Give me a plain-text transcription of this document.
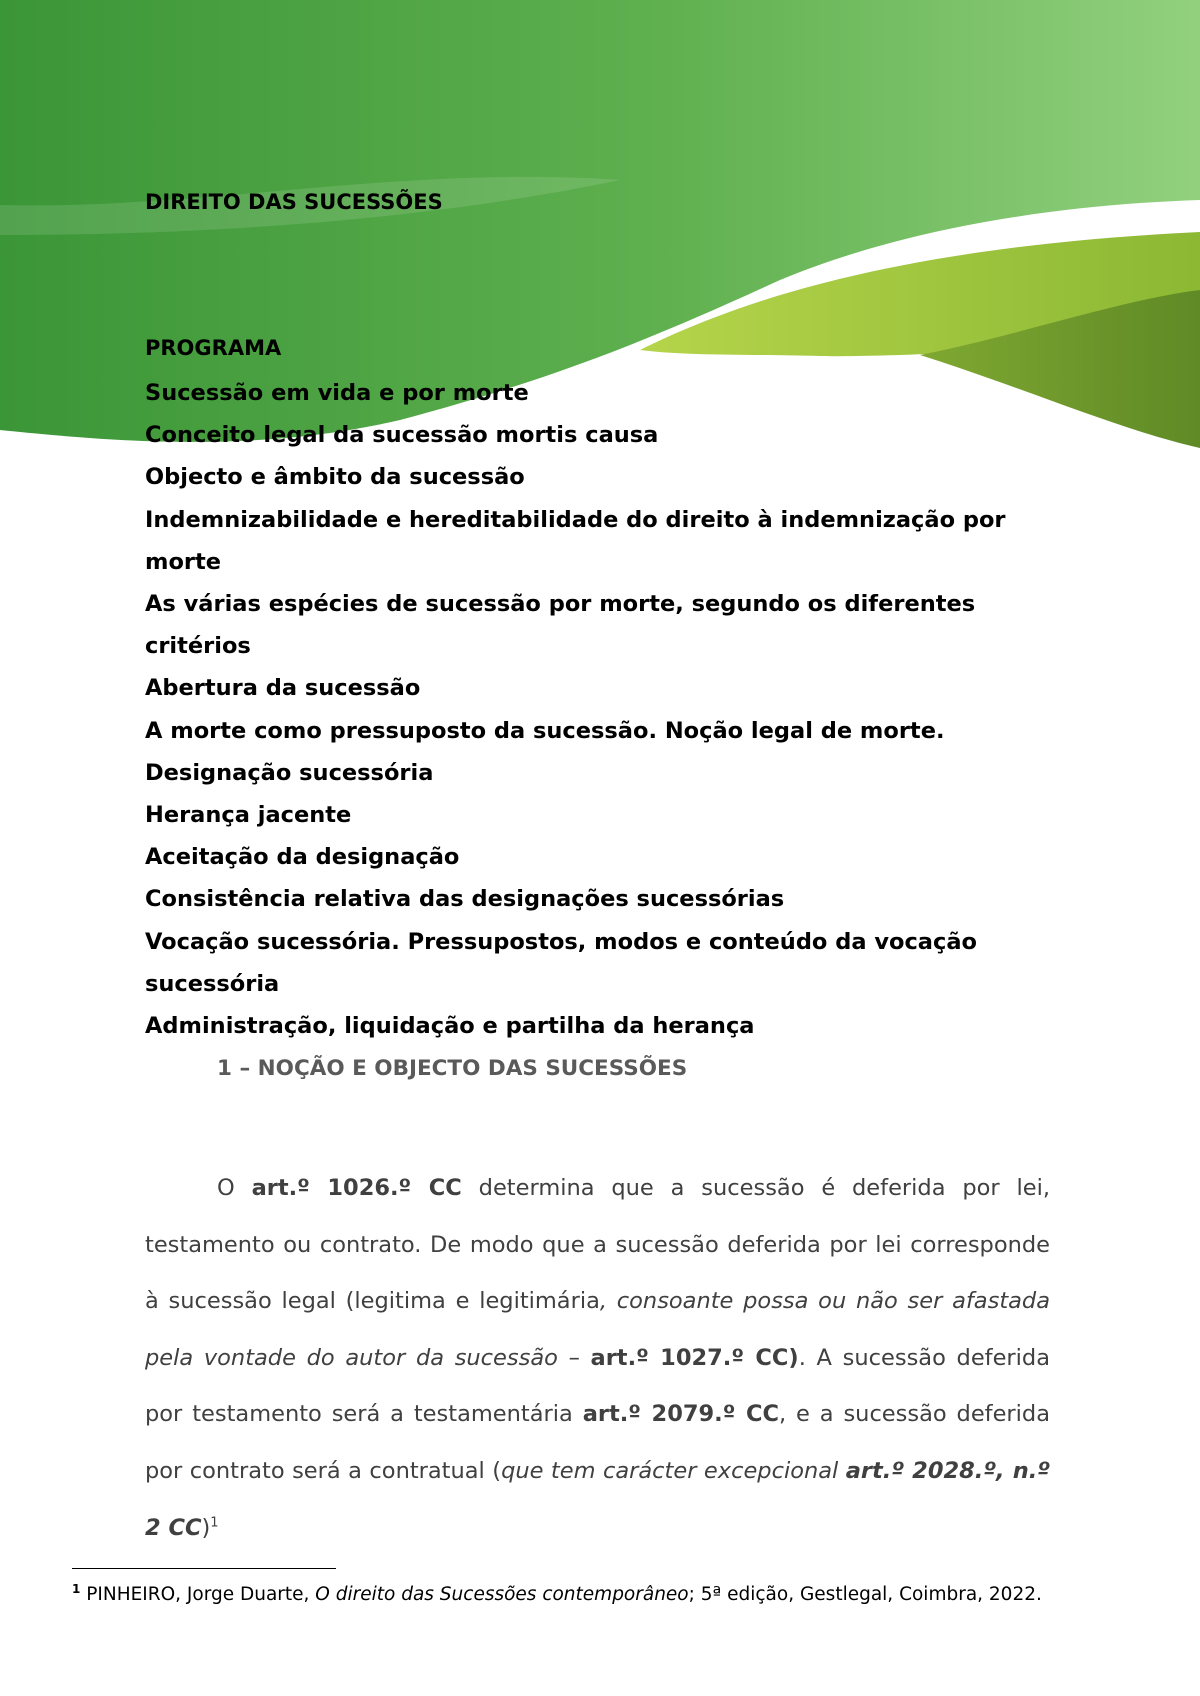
DIREITO DAS SUCESSÕES
PROGRAMA
Sucessão em vida e por morte
Conceito legal da sucessão mortis causa
Objecto e âmbito da sucessão
Indemnizabilidade e hereditabilidade do direito à indemnização por morte
As várias espécies de sucessão por morte, segundo os diferentes critérios
Abertura da sucessão
A morte como pressuposto da sucessão. Noção legal de morte.
Designação sucessória
Herança jacente
Aceitação da designação
Consistência relativa das designações sucessórias
Vocação sucessória. Pressupostos, modos e conteúdo da vocação sucessória
Administração, liquidação e partilha da herança
1 – NOÇÃO E OBJECTO DAS SUCESSÕES

O art.º 1026.º CC determina que a sucessão é deferida por lei, testamento ou contrato. De modo que a sucessão deferida por lei corresponde à sucessão legal (legitima e legitimária, consoante possa ou não ser afastada pela vontade do autor da sucessão – art.º 1027.º CC). A sucessão deferida por testamento será a testamentária art.º 2079.º CC, e a sucessão deferida por contrato será a contratual (que tem carácter excepcional art.º 2028.º, n.º 2 CC)$^1$

$^1$ PINHEIRO, Jorge Duarte, O direito das Sucessões contemporâneo; 5ª edição, Gestlegal, Coimbra, 2022.
